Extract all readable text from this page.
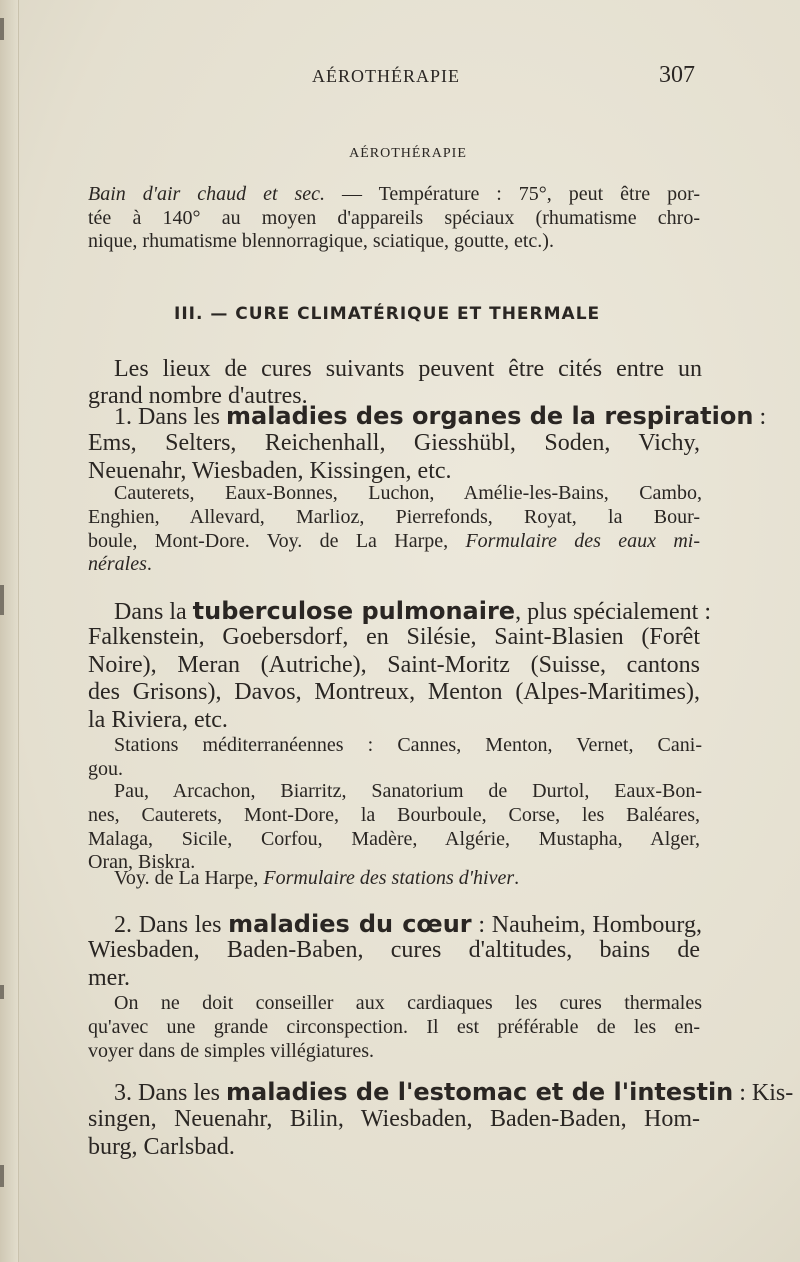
AÉROTHÉRAPIE	307
AÉROTHÉRAPIE
Bain d'air chaud et sec. — Température : 75°, peut être por-
tée à 140° au moyen d'appareils spéciaux (rhumatisme chro-
nique, rhumatisme blennorragique, sciatique, goutte, etc.).
III. — CURE CLIMATÉRIQUE ET THERMALE
Les lieux de cures suivants peuvent être cités entre un
grand nombre d'autres.
1. Dans les maladies des organes de la respiration :
Ems, Selters, Reichenhall, Giesshübl, Soden, Vichy,
Neuenahr, Wiesbaden, Kissingen, etc.
Cauterets, Eaux-Bonnes, Luchon, Amélie-les-Bains, Cambo,
Enghien, Allevard, Marlioz, Pierrefonds, Royat, la Bour-
boule, Mont-Dore. Voy. de La Harpe, Formulaire des eaux mi-
nérales.
Dans la tuberculose pulmonaire, plus spécialement :
Falkenstein, Goebersdorf, en Silésie, Saint-Blasien (Forêt
Noire), Meran (Autriche), Saint-Moritz (Suisse, cantons
des Grisons), Davos, Montreux, Menton (Alpes-Maritimes),
la Riviera, etc.
Stations méditerranéennes : Cannes, Menton, Vernet, Cani-
gou.
Pau, Arcachon, Biarritz, Sanatorium de Durtol, Eaux-Bon-
nes, Cauterets, Mont-Dore, la Bourboule, Corse, les Baléares,
Malaga, Sicile, Corfou, Madère, Algérie, Mustapha, Alger,
Oran, Biskra.
Voy. de La Harpe, Formulaire des stations d'hiver.
2. Dans les maladies du cœur : Nauheim, Hombourg,
Wiesbaden, Baden-Baben, cures d'altitudes, bains de
mer.
On ne doit conseiller aux cardiaques les cures thermales
qu'avec une grande circonspection. Il est préférable de les en-
voyer dans de simples villégiatures.
3. Dans les maladies de l'estomac et de l'intestin : Kis-
singen, Neuenahr, Bilin, Wiesbaden, Baden-Baden, Hom-
burg, Carlsbad.
